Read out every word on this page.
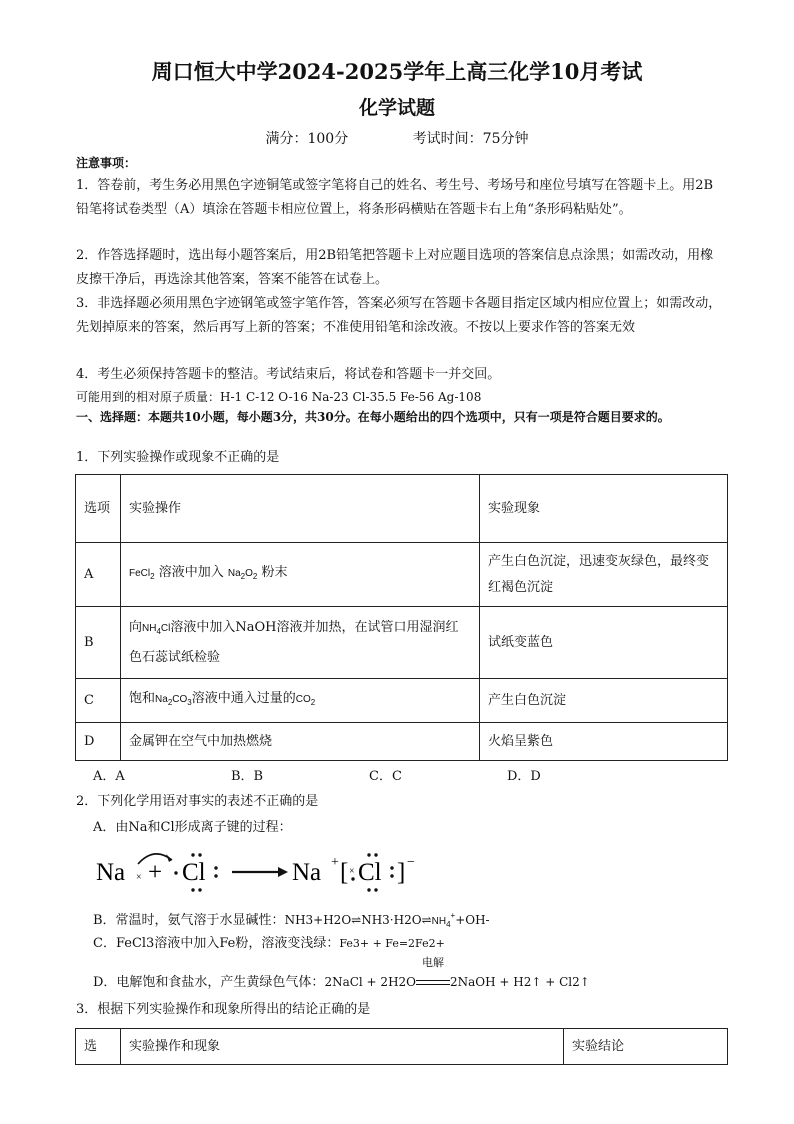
周口恒大中学2024-2025学年上高三化学10月考试
化学试题
满分：100分	考试时间：75分钟
注意事项：
1．答卷前，考生务必用黑色字迹铜笔或签字笔将自己的姓名、考生号、考场号和座位号填写在答题卡上。用2B铅笔将试卷类型（A）填涂在答题卡相应位置上，将条形码横贴在答题卡右上角“条形码粘贴处”。
2．作答选择题时，选出每小题答案后，用2B铅笔把答题卡上对应题目选项的答案信息点涂黑；如需改动，用橡皮擦干净后，再选涂其他答案，答案不能答在试卷上。
3．非选择题必须用黑色字迹钢笔或签字笔作答，答案必须写在答题卡各题目指定区域内相应位置上；如需改动，先划掉原来的答案，然后再写上新的答案；不准使用铅笔和涂改液。不按以上要求作答的答案无效
4．考生必须保持答题卡的整洁。考试结束后，将试卷和答题卡一并交回。
可能用到的相对原子质量：H-1 C-12 O-16 Na-23 Cl-35.5 Fe-56 Ag-108
一、选择题：本题共10小题，每小题3分，共30分。在每小题给出的四个选项中，只有一项是符合题目要求的。
1．下列实验操作或现象不正确的是
选项	实验操作	实验现象
A	FeCl$_2$ 溶液中加入 $Na_2O_2$ 粉末	产生白色沉淀，迅速变灰绿色，最终变红褐色沉淀
B	向$NH_4Cl$溶液中加入NaOH溶液并加热，在试管口用湿润红色石蕊试纸检验	试纸变蓝色
C	饱和$Na_2CO_3$溶液中通入过量的$CO_2$	产生白色沉淀
D	金属钾在空气中加热燃烧	火焰呈紫色
A．A	B．B	C．C	D．D
2．下列化学用语对事实的表述不正确的是
A．由Na和Cl形成离子键的过程：
Na × + Cl	Na + [ × Cl ] −
B．常温时，氨气溶于水显碱性：$NH3+H2O\rightleftharpoons NH3\cdot H2O\rightleftharpoons NH_4^++OH-$
C．FeCl3溶液中加入Fe粉，溶液变浅绿：Fe3+ + Fe=2Fe2+
D．电解饱和食盐水，产生黄绿色气体：2NaCl + 2H2O
电解
2NaOH + H2↑ + Cl2↑
3．根据下列实验操作和现象所得出的结论正确的是
选	实验操作和现象	实验结论
